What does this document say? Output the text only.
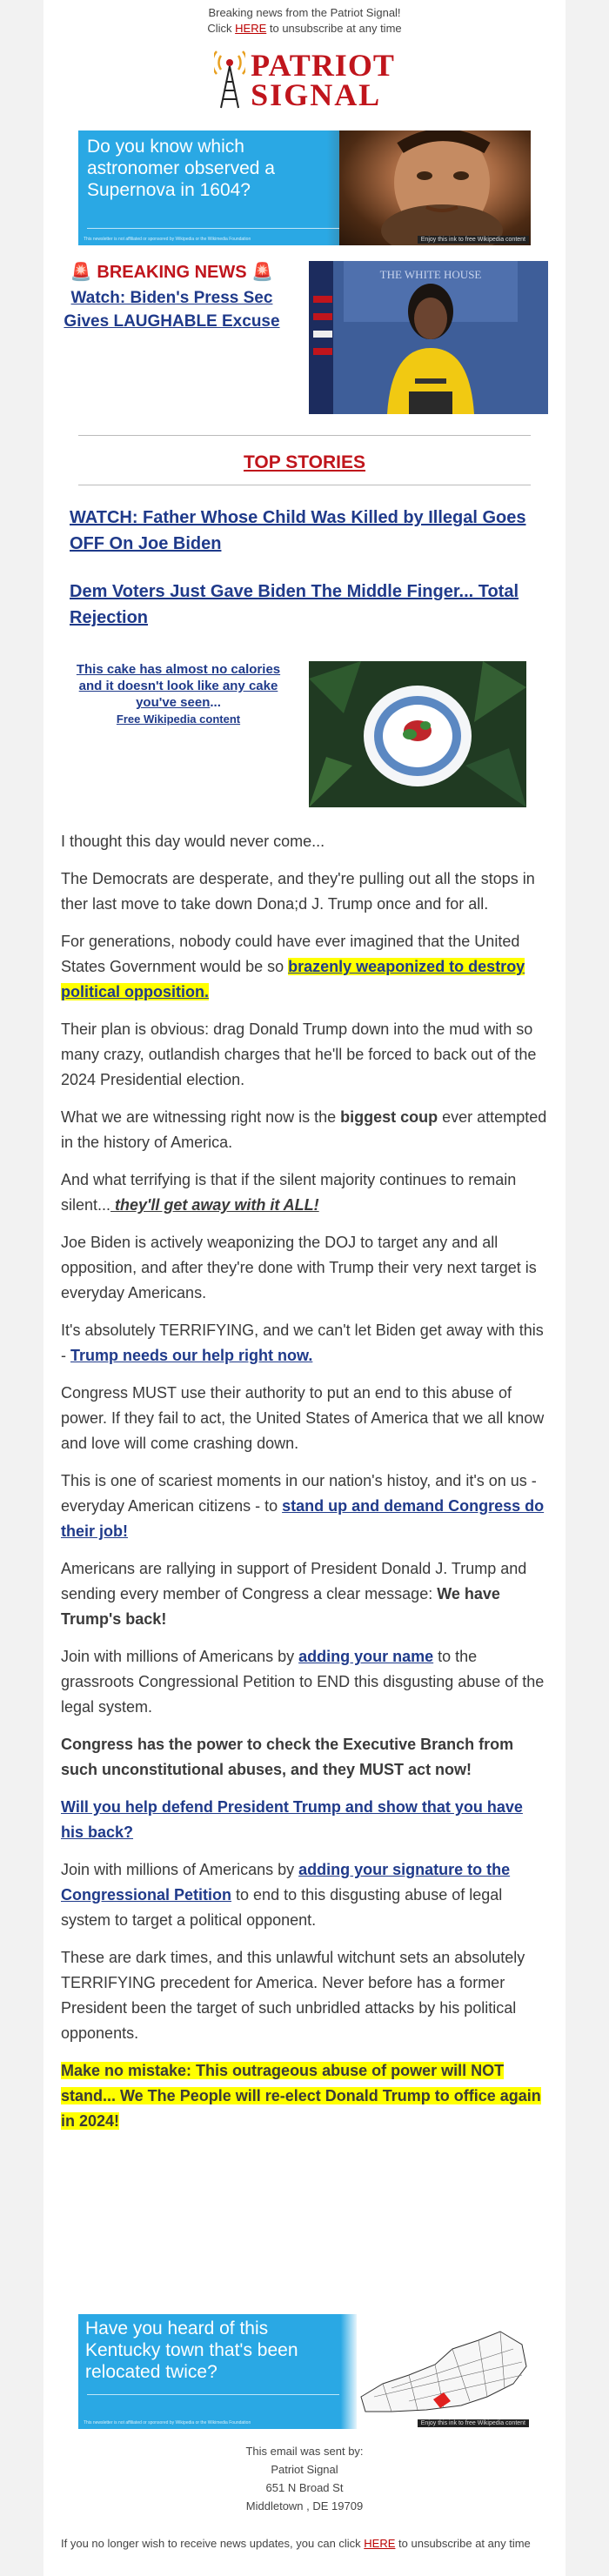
Breaking news from the Patriot Signal!
Click HERE to unsubscribe at any time
PATRIOT
SIGNAL
Do you know which astronomer observed a Supernova in 1604?
This newsletter is not affiliated or sponsored by Wikipedia or the Wikimedia Foundation	Enjoy this ink to free Wikipedia content
🚨 BREAKING NEWS 🚨
Watch: Biden's Press Sec Gives LAUGHABLE Excuse
THE WHITE HOUSE
TOP STORIES
WATCH: Father Whose Child Was Killed by Illegal Goes OFF On Joe Biden
Dem Voters Just Gave Biden The Middle Finger... Total Rejection
This cake has almost no calories and it doesn't look like any cake you've seen...
Free Wikipedia content

I thought this day would never come...

The Democrats are desperate, and they're pulling out all the stops in ther last move to take down Dona;d J. Trump once and for all.

For generations, nobody could have ever imagined that the United States Government would be so brazenly weaponized to destroy political opposition.

Their plan is obvious: drag Donald Trump down into the mud with so many crazy, outlandish charges that he'll be forced to back out of the 2024 Presidential election.

What we are witnessing right now is the biggest coup ever attempted in the history of America.

And what terrifying is that if the silent majority continues to remain silent... they'll get away with it ALL!

Joe Biden is actively weaponizing the DOJ to target any and all opposition, and after they're done with Trump their very next target is everyday Americans.

It's absolutely TERRIFYING, and we can't let Biden get away with this - Trump needs our help right now.

Congress MUST use their authority to put an end to this abuse of power. If they fail to act, the United States of America that we all know and love will come crashing down.

This is one of scariest moments in our nation's histoy, and it's on us - everyday American citizens - to stand up and demand Congress do their job!

Americans are rallying in support of President Donald J. Trump and sending every member of Congress a clear message: We have Trump's back!

Join with millions of Americans by adding your name to the grassroots Congressional Petition to END this disgusting abuse of the legal system.

Congress has the power to check the Executive Branch from such unconstitutional abuses, and they MUST act now!

Will you help defend President Trump and show that you have his back?

Join with millions of Americans by adding your signature to the Congressional Petition to end to this disgusting abuse of legal system to target a political opponent.

These are dark times, and this unlawful witchunt sets an absolutely TERRIFYING precedent for America. Never before has a former President been the target of such unbridled attacks by his political opponents.

Make no mistake: This outrageous abuse of power will NOT stand... We The People will re-elect Donald Trump to office again in 2024!

Have you heard of this Kentucky town that's been relocated twice?
This newsletter is not affiliated or sponsored by Wikipedia or the Wikimedia Foundation	Enjoy this ink to free Wikipedia content
This email was sent by:
Patriot Signal
651 N Broad St
Middletown , DE 19709
If you no longer wish to receive news updates, you can click HERE to unsubscribe at any time
